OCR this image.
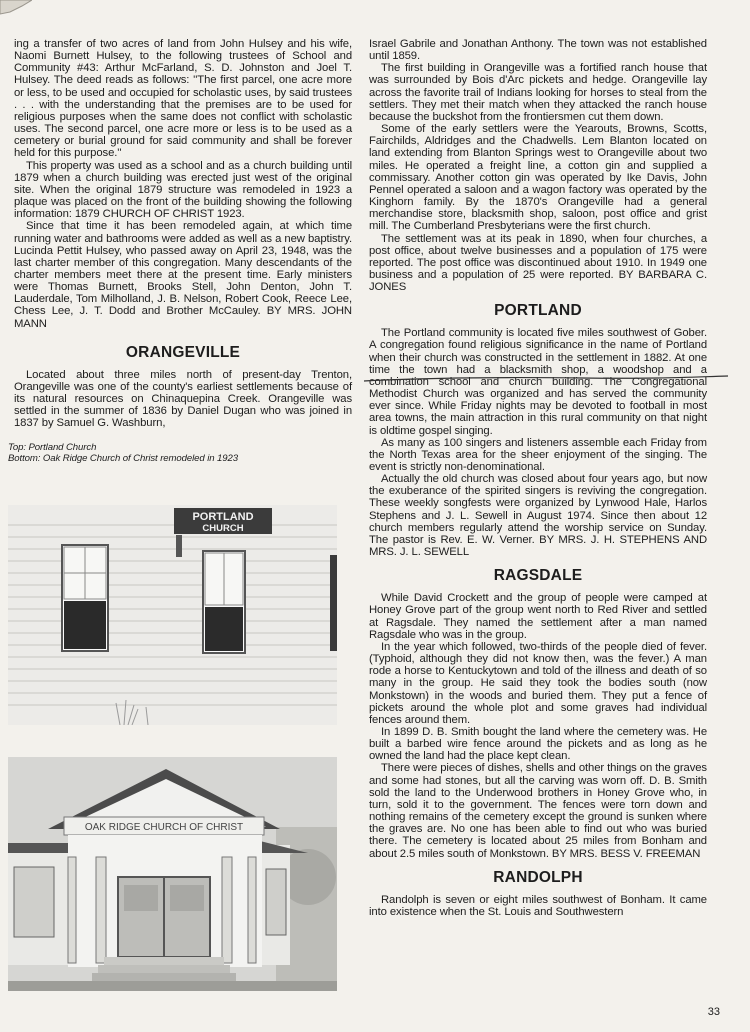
ing a transfer of two acres of land from John Hulsey and his wife, Naomi Burnett Hulsey, to the following trustees of School and Community #43: Arthur McFarland, S. D. Johnston and Joel T. Hulsey. The deed reads as follows: ''The first parcel, one acre more or less, to be used and occupied for scholastic uses, by said trustees . . . with the understanding that the premises are to be used for religious purposes when the same does not conflict with scholastic uses. The second parcel, one acre more or less is to be used as a cemetery or burial ground for said community and shall be forever held for this purpose.''

This property was used as a school and as a church building until 1879 when a church building was erected just west of the original site. When the original 1879 structure was remodeled in 1923 a plaque was placed on the front of the building showing the following information: 1879 CHURCH OF CHRIST 1923.

Since that time it has been remodeled again, at which time running water and bathrooms were added as well as a new baptistry. Lucinda Pettit Hulsey, who passed away on April 23, 1948, was the last charter member of this congregation. Many descendants of the charter members meet there at the present time. Early ministers were Thomas Burnett, Brooks Stell, John Denton, John T. Lauderdale, Tom Milholland, J. B. Nelson, Robert Cook, Reece Lee, Chess Lee, J. T. Dodd and Brother McCauley. BY MRS. JOHN MANN

ORANGEVILLE

Located about three miles north of present-day Trenton, Orangeville was one of the county's earliest settlements because of its natural resources on Chinaquepina Creek. Orangeville was settled in the summer of 1836 by Daniel Dugan who was joined in 1837 by Samuel G. Washburn,

Top: Portland Church
Bottom: Oak Ridge Church of Christ remodeled in 1923
PORTLAND
CHURCH
OAK RIDGE CHURCH OF CHRIST

Israel Gabrile and Jonathan Anthony. The town was not established until 1859.

The first building in Orangeville was a fortified ranch house that was surrounded by Bois d'Arc pickets and hedge. Orangeville lay across the favorite trail of Indians looking for horses to steal from the settlers. They met their match when they attacked the ranch house because the buckshot from the frontiersmen cut them down.

Some of the early settlers were the Yearouts, Browns, Scotts, Fairchilds, Aldridges and the Chadwells. Lem Blanton located on land extending from Blanton Springs west to Orangeville about two miles. He operated a freight line, a cotton gin and supplied a commissary. Another cotton gin was operated by Ike Davis, John Pennel operated a saloon and a wagon factory was operated by the Kinghorn family. By the 1870's Orangeville had a general merchandise store, blacksmith shop, saloon, post office and grist mill. The Cumberland Presbyterians were the first church.

The settlement was at its peak in 1890, when four churches, a post office, about twelve businesses and a population of 175 were reported. The post office was discontinued about 1910. In 1949 one business and a population of 25 were reported. BY BARBARA C. JONES

PORTLAND

The Portland community is located five miles southwest of Gober. A congregation found religious significance in the name of Portland when their church was constructed in the settlement in 1882. At one time the town had a blacksmith shop, a woodshop and a combination school and church building. The Congregational Methodist Church was organized and has served the community ever since. While Friday nights may be devoted to football in most area towns, the main attraction in this rural community on that night is oldtime gospel singing.

As many as 100 singers and listeners assemble each Friday from the North Texas area for the sheer enjoyment of the singing. The event is strictly non-denominational.

Actually the old church was closed about four years ago, but now the exuberance of the spirited singers is reviving the congregation. These weekly songfests were organized by Lynwood Hale, Harlos Stephens and J. L. Sewell in August 1974. Since then about 12 church members regularly attend the worship service on Sunday. The pastor is Rev. E. W. Verner. BY MRS. J. H. STEPHENS AND MRS. J. L. SEWELL

RAGSDALE

While David Crockett and the group of people were camped at Honey Grove part of the group went north to Red River and settled at Ragsdale. They named the settlement after a man named Ragsdale who was in the group.

In the year which followed, two-thirds of the people died of fever. (Typhoid, although they did not know then, was the fever.) A man rode a horse to Kentuckytown and told of the illness and death of so many in the group. He said they took the bodies south (now Monkstown) in the woods and buried them. They put a fence of pickets around the whole plot and some graves had individual fences around them.

In 1899 D. B. Smith bought the land where the cemetery was. He built a barbed wire fence around the pickets and as long as he owned the land had the place kept clean.

There were pieces of dishes, shells and other things on the graves and some had stones, but all the carving was worn off. D. B. Smith sold the land to the Underwood brothers in Honey Grove who, in turn, sold it to the government. The fences were torn down and nothing remains of the cemetery except the ground is sunken where the graves are. No one has been able to find out who was buried there. The cemetery is located about 25 miles from Bonham and about 2.5 miles south of Monkstown. BY MRS. BESS V. FREEMAN

RANDOLPH

Randolph is seven or eight miles southwest of Bonham. It came into existence when the St. Louis and Southwestern

33
